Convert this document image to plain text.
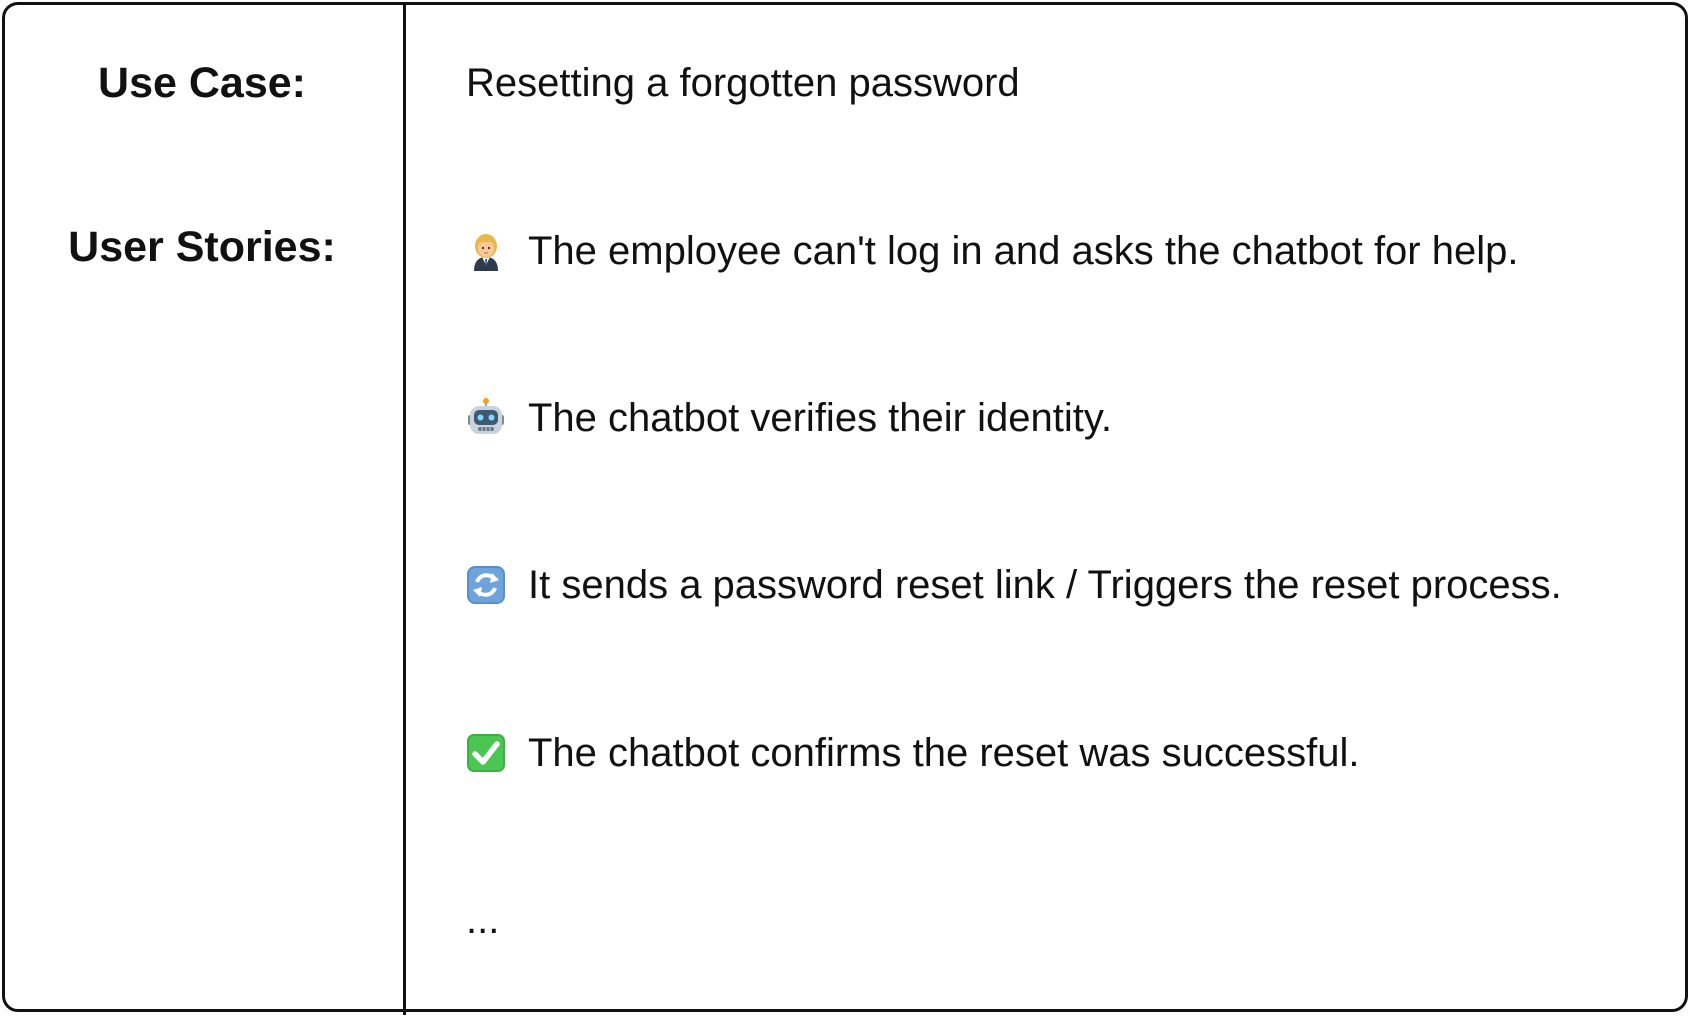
Use Case:	Resetting a forgotten password
User Stories:	The employee can't log in and asks the chatbot for help.
The chatbot verifies their identity.
It sends a password reset link / Triggers the reset process.
The chatbot confirms the reset was successful.
...
